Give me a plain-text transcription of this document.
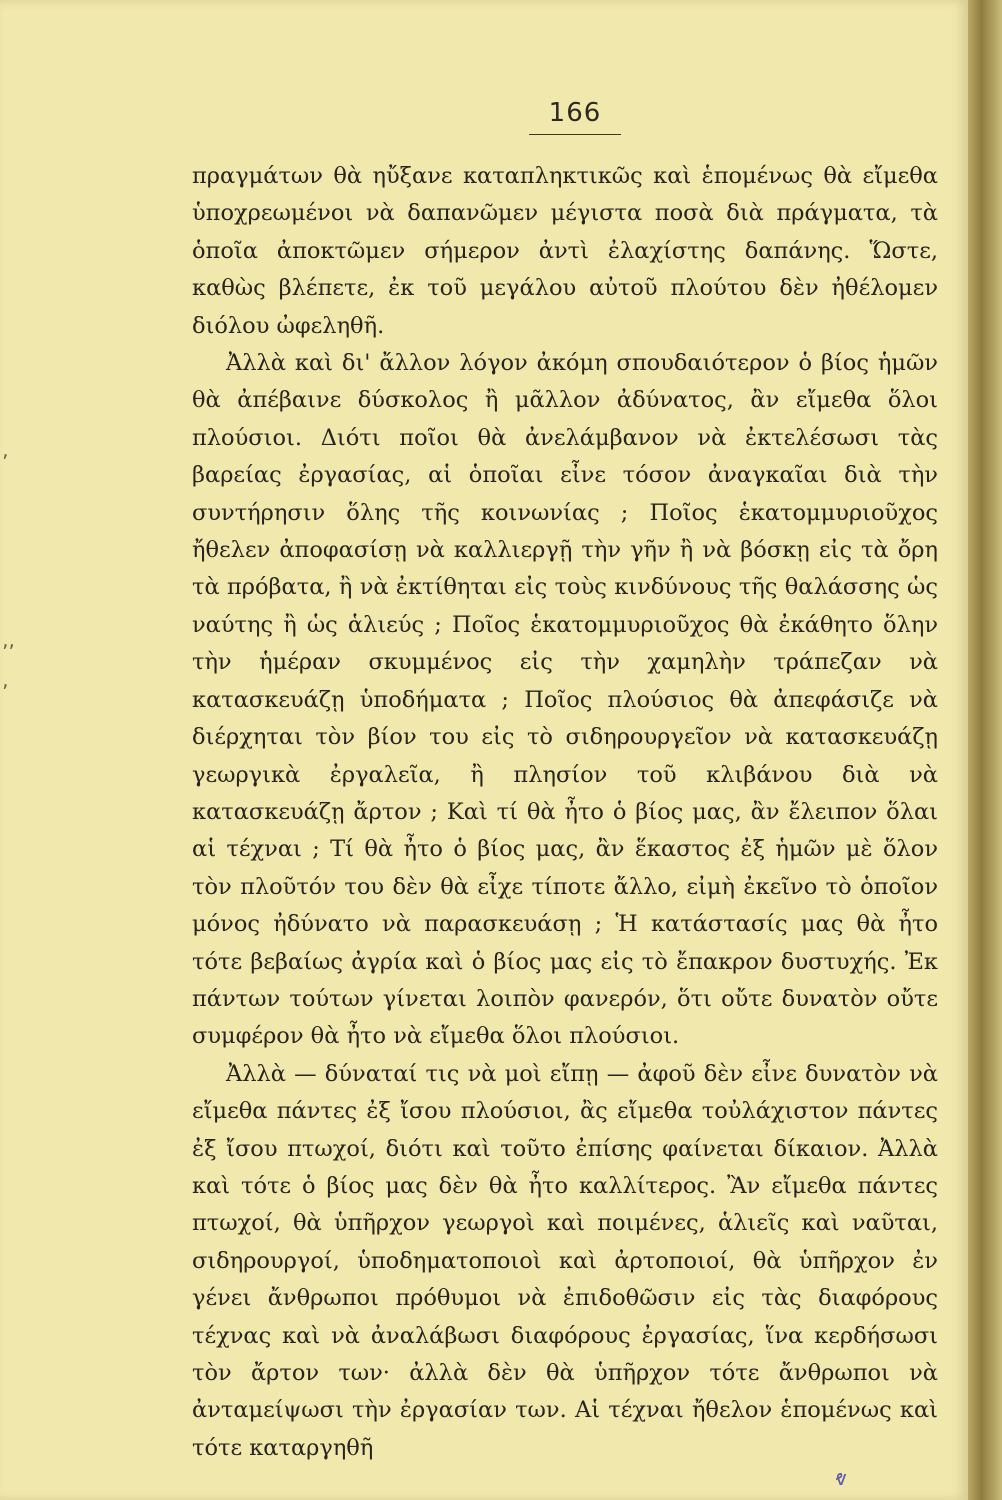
166

πραγμάτων θὰ ηὔξανε καταπληκτικῶς καὶ ἑπομένως θὰ εἴμεθα ὑποχρεωμένοι νὰ δαπανῶμεν μέγιστα ποσὰ διὰ πράγματα, τὰ ὁποῖα ἀποκτῶμεν σήμερον ἀντὶ ἐλαχίστης δαπάνης. Ὥστε, καθὼς βλέπετε, ἐκ τοῦ μεγάλου αὐτοῦ πλούτου δὲν ἠθέλομεν διόλου ὠφεληθῆ.

Ἀλλὰ καὶ δι' ἄλλον λόγον ἀκόμη σπουδαιότερον ὁ βίος ἡμῶν θὰ ἀπέβαινε δύσκολος ἢ μᾶλλον ἀδύνατος, ἂν εἴμεθα ὅλοι πλούσιοι. Διότι ποῖοι θὰ ἀνελάμβανον νὰ ἐκτελέσωσι τὰς βαρείας ἐργασίας, αἱ ὁποῖαι εἶνε τόσον ἀναγκαῖαι διὰ τὴν συντήρησιν ὅλης τῆς κοινωνίας ; Ποῖος ἑκατομμυριοῦχος ἤθελεν ἀποφασίσῃ νὰ καλλιεργῇ τὴν γῆν ἢ νὰ βόσκῃ εἰς τὰ ὄρη τὰ πρόβατα, ἢ νὰ ἐκτίθηται εἰς τοὺς κινδύνους τῆς θαλάσσης ὡς ναύτης ἢ ὡς ἁλιεύς ; Ποῖος ἑκατομμυριοῦχος θὰ ἐκάθητο ὅλην τὴν ἡμέραν σκυμμένος εἰς τὴν χαμηλὴν τράπεζαν νὰ κατασκευάζῃ ὑποδήματα ; Ποῖος πλούσιος θὰ ἀπεφάσιζε νὰ διέρχηται τὸν βίον του εἰς τὸ σιδηρουργεῖον νὰ κατασκευάζῃ γεωργικὰ ἐργαλεῖα, ἢ πλησίον τοῦ κλιβάνου διὰ νὰ κατασκευάζῃ ἄρτον ; Καὶ τί θὰ ἦτο ὁ βίος μας, ἂν ἔλειπον ὅλαι αἱ τέχναι ; Τί θὰ ἦτο ὁ βίος μας, ἂν ἕκαστος ἐξ ἡμῶν μὲ ὅλον τὸν πλοῦτόν του δὲν θὰ εἶχε τίποτε ἄλλο, εἰμὴ ἐκεῖνο τὸ ὁποῖον μόνος ἠδύνατο νὰ παρασκευάσῃ ; Ἡ κατάστασίς μας θὰ ἦτο τότε βεβαίως ἀγρία καὶ ὁ βίος μας εἰς τὸ ἔπακρον δυστυχής. Ἐκ πάντων τούτων γίνεται λοιπὸν φανερόν, ὅτι οὔτε δυνατὸν οὔτε συμφέρον θὰ ἦτο νὰ εἴμεθα ὅλοι πλούσιοι.

Ἀλλὰ — δύναταί τις νὰ μοὶ εἴπῃ — ἀφοῦ δὲν εἶνε δυνατὸν νὰ εἴμεθα πάντες ἐξ ἴσου πλούσιοι, ἂς εἴμεθα τοὐλάχιστον πάντες ἐξ ἴσου πτωχοί, διότι καὶ τοῦτο ἐπίσης φαίνεται δίκαιον. Ἀλλὰ καὶ τότε ὁ βίος μας δὲν θὰ ἦτο καλλίτερος. Ἂν εἴμεθα πάντες πτωχοί, θὰ ὑπῆρχον γεωργοὶ καὶ ποιμένες, ἁλιεῖς καὶ ναῦται, σιδηρουργοί, ὑποδηματοποιοὶ καὶ ἀρτοποιοί, θὰ ὑπῆρχον ἐν γένει ἄνθρωποι πρόθυμοι νὰ ἐπιδοθῶσιν εἰς τὰς διαφόρους τέχνας καὶ νὰ ἀναλάβωσι διαφόρους ἐργασίας, ἵνα κερδήσωσι τὸν ἄρτον των· ἀλλὰ δὲν θὰ ὑπῆρχον τότε ἄνθρωποι νὰ ἀνταμείψωσι τὴν ἐργασίαν των. Αἱ τέχναι ἤθελον ἑπομένως καὶ τότε καταργηθῆ

ʼ
ʼʼ
ʼ
ⱴ
